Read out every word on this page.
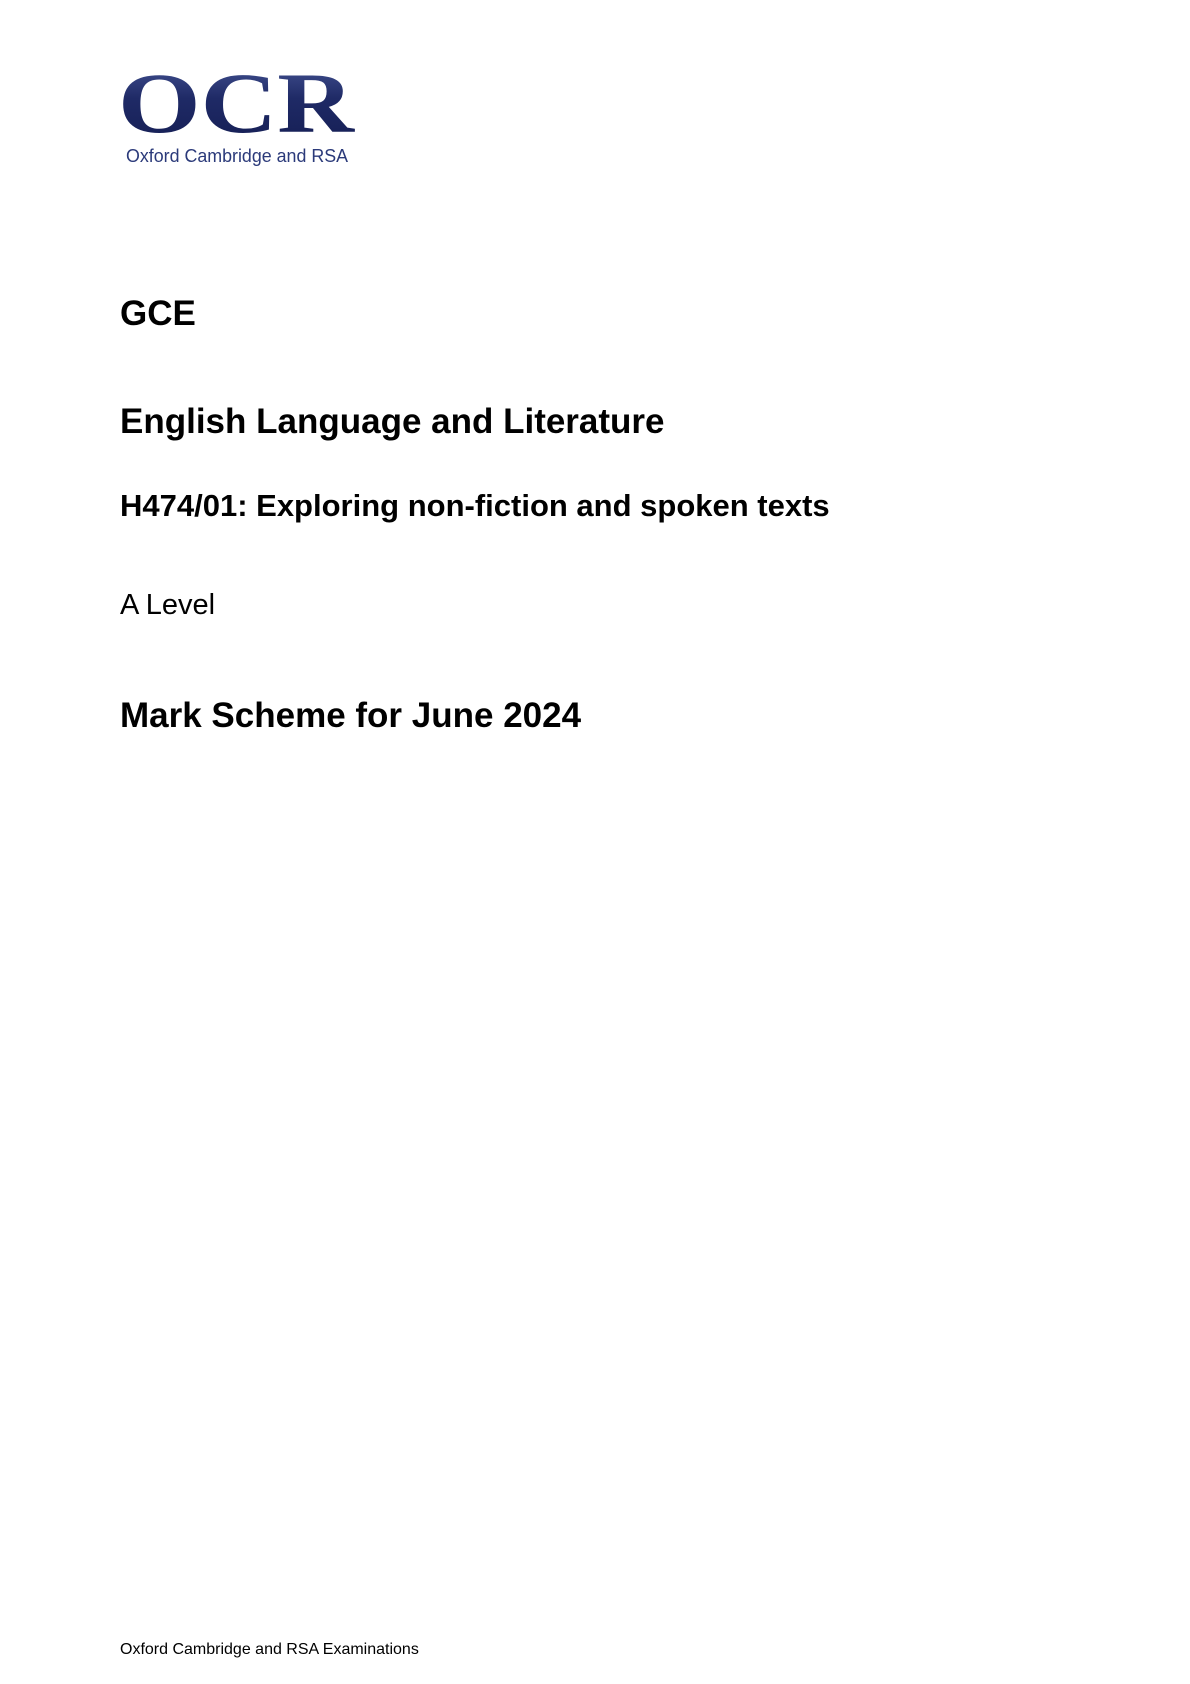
OCR
Oxford Cambridge and RSA
GCE
English Language and Literature
H474/01: Exploring non-fiction and spoken texts

A Level

Mark Scheme for June 2024
Oxford Cambridge and RSA Examinations
